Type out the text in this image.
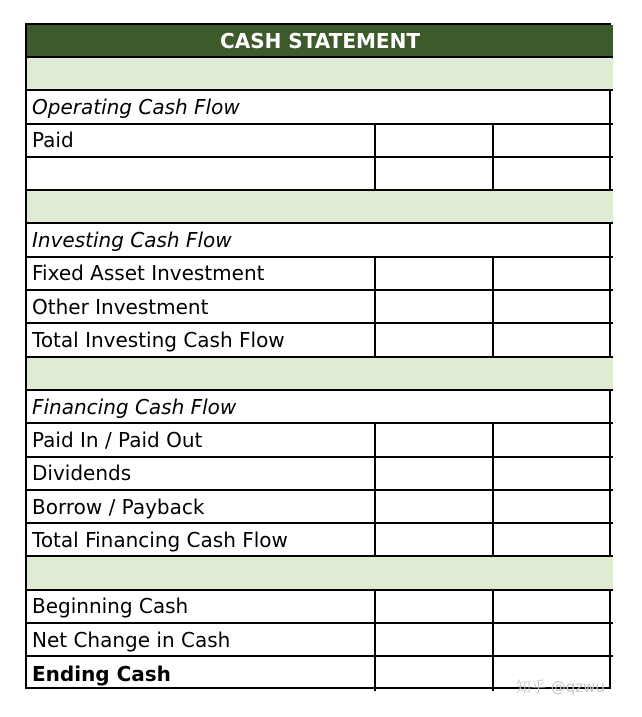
CASH STATEMENT
Operating Cash Flow
Paid
Investing Cash Flow
Fixed Asset Investment
Other Investment
Total Investing Cash Flow
Financing Cash Flow
Paid In / Paid Out
Dividends
Borrow / Payback
Total Financing Cash Flow
Beginning Cash
Net Change in Cash
Ending Cash
知乎 @qzwu
